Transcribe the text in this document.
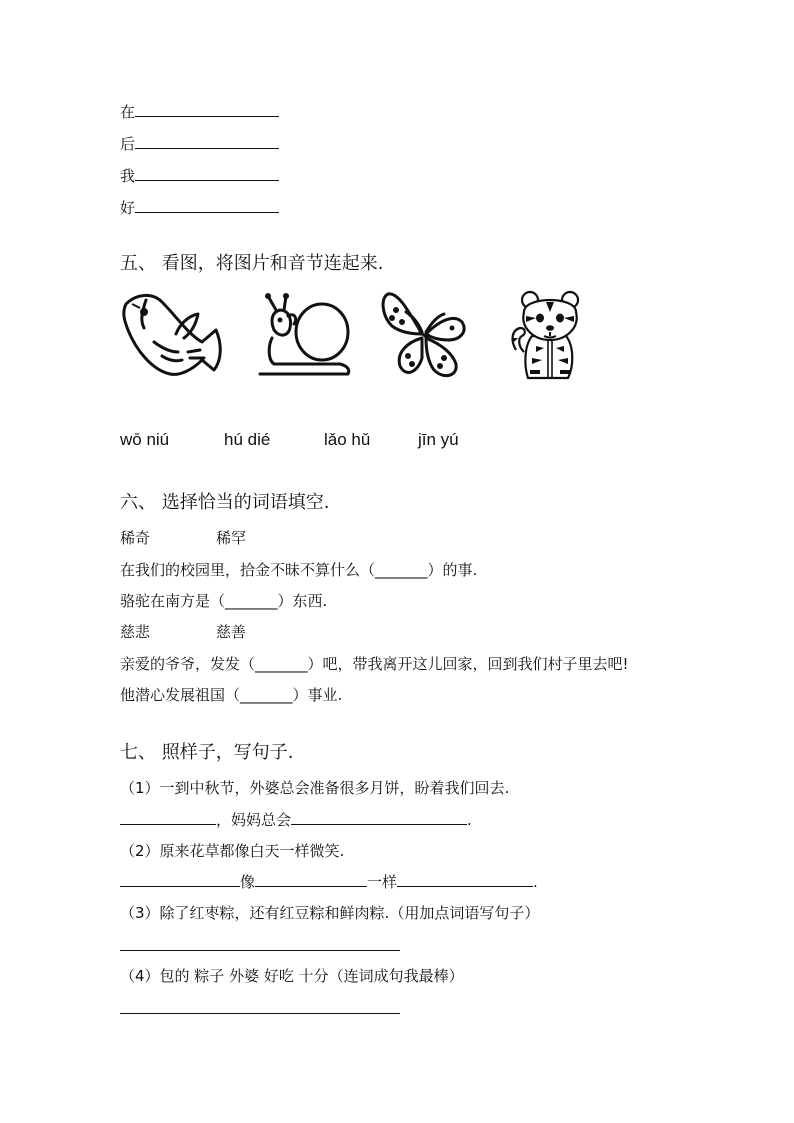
在
后
我
好
五、 看图，将图片和音节连起来.
wō niú	hú dié	lǎo hǔ	jīn yú
六、 选择恰当的词语填空.
稀奇	稀罕
在我们的校园里，拾金不昧不算什么（_______）的事.
骆驼在南方是（_______）东西.
慈悲	慈善
亲爱的爷爷，发发（_______）吧，带我离开这儿回家，回到我们村子里去吧!
他潜心发展祖国（_______）事业.
七、 照样子，写句子.
（1）一到中秋节，外婆总会准备很多月饼，盼着我们回去.
，妈妈总会	.
（2）原来花草都像白天一样微笑.
像	一样	.
（3）除了红枣粽，还有红豆粽和鲜肉粽.（用加点词语写句子）
（4）包的 粽子 外婆 好吃 十分（连词成句我最棒）
